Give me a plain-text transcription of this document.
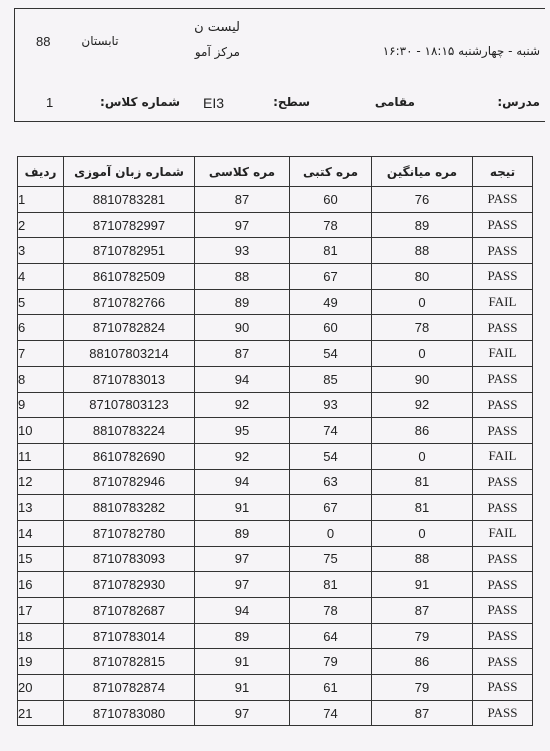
88	تابستان
لیست ن
مرکز آمو	شنبه - چهارشنبه ۱۸:۱۵ - ۱۶:۳۰
1	شماره کلاس: EI3	سطح:	مقامی	مدرس:
ردیف	شماره زبان آموزی	مره کلاسی	مره کتبی	مره میانگین	تیجه
1	8810783281	87	60	76	PASS
2	8710782997	97	78	89	PASS
3	8710782951	93	81	88	PASS
4	8610782509	88	67	80	PASS
5	8710782766	89	49	0	FAIL
6	8710782824	90	60	78	PASS
7	88107803214	87	54	0	FAIL
8	8710783013	94	85	90	PASS
9	87107803123	92	93	92	PASS
10	8810783224	95	74	86	PASS
11	8610782690	92	54	0	FAIL
12	8710782946	94	63	81	PASS
13	8810783282	91	67	81	PASS
14	8710782780	89	0	0	FAIL
15	8710783093	97	75	88	PASS
16	8710782930	97	81	91	PASS
17	8710782687	94	78	87	PASS
18	8710783014	89	64	79	PASS
19	8710782815	91	79	86	PASS
20	8710782874	91	61	79	PASS
21	8710783080	97	74	87	PASS
